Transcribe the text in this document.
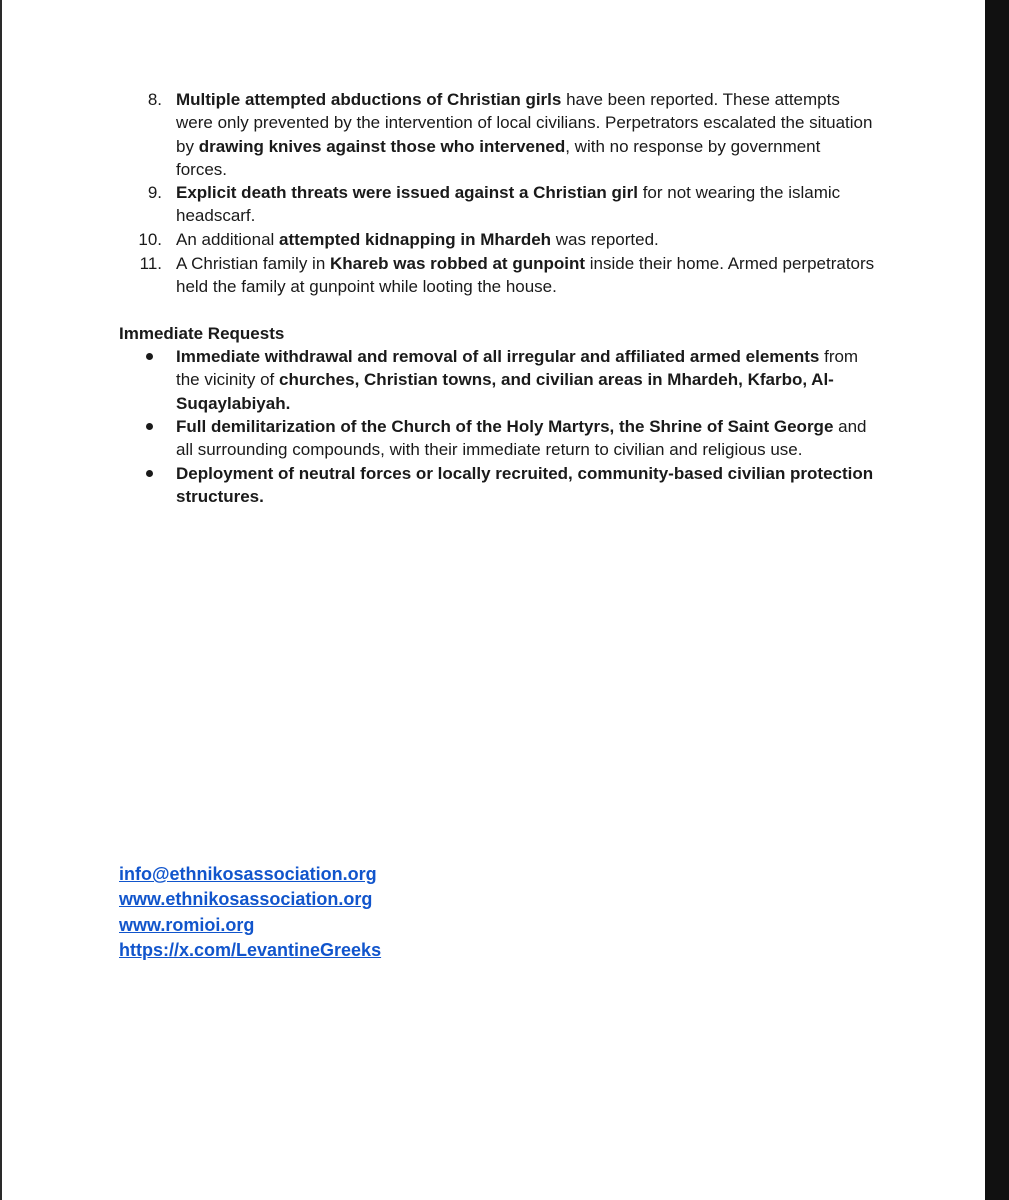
8. Multiple attempted abductions of Christian girls have been reported. These attempts were only prevented by the intervention of local civilians. Perpetrators escalated the situation by drawing knives against those who intervened, with no response by government forces.
9. Explicit death threats were issued against a Christian girl for not wearing the islamic headscarf.
10. An additional attempted kidnapping in Mhardeh was reported.
11. A Christian family in Khareb was robbed at gunpoint inside their home. Armed perpetrators held the family at gunpoint while looting the house.
Immediate Requests
Immediate withdrawal and removal of all irregular and affiliated armed elements from the vicinity of churches, Christian towns, and civilian areas in Mhardeh, Kfarbo, Al-Suqaylabiyah.
Full demilitarization of the Church of the Holy Martyrs, the Shrine of Saint George and all surrounding compounds, with their immediate return to civilian and religious use.
Deployment of neutral forces or locally recruited, community-based civilian protection structures.
info@ethnikosassociation.org
www.ethnikosassociation.org
www.romioi.org
https://x.com/LevantineGreeks
